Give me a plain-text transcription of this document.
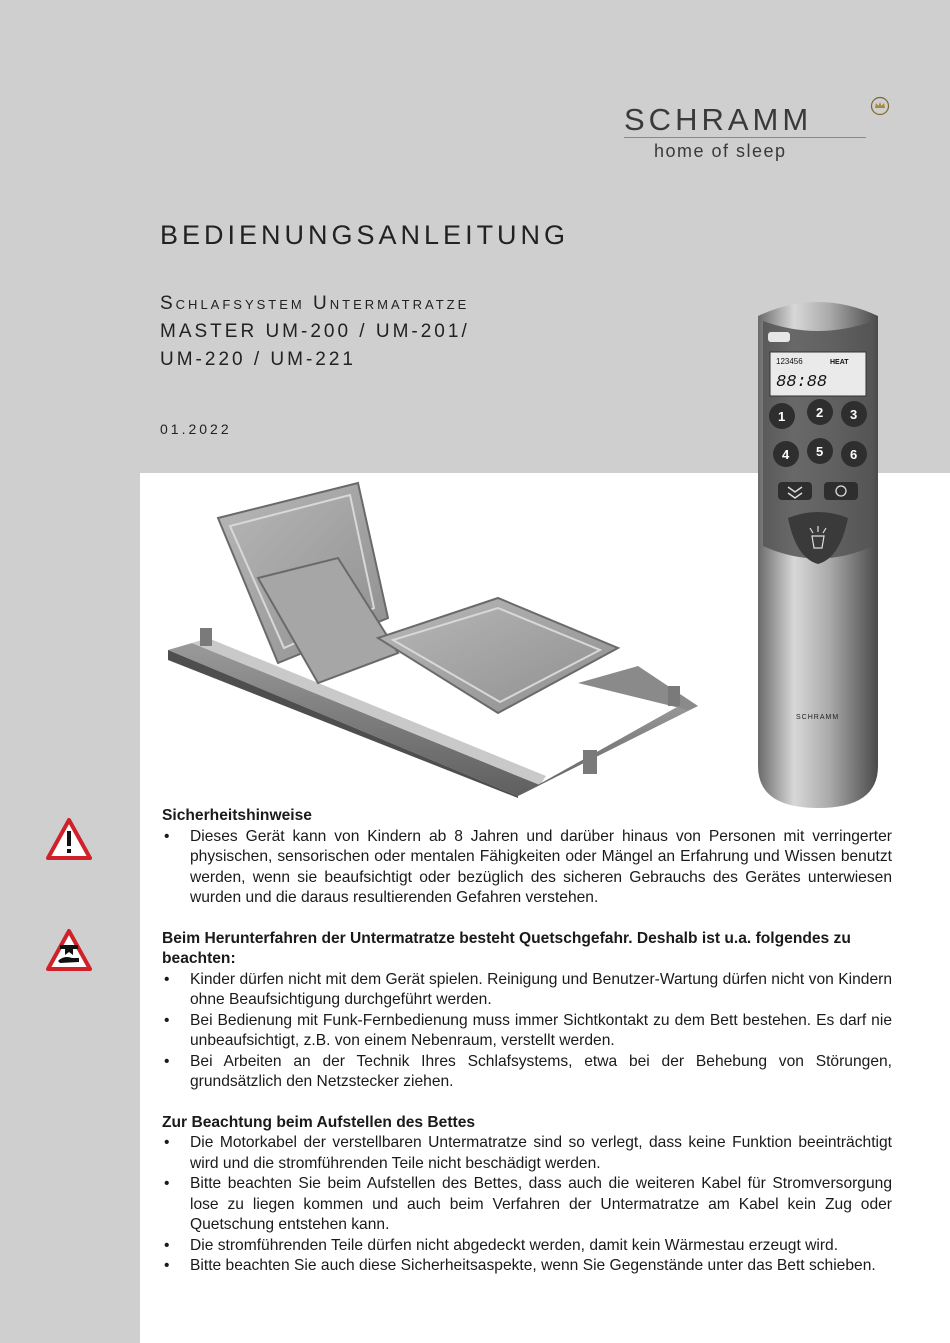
SCHRAMM
home of sleep
BEDIENUNGSANLEITUNG
Schlafsystem Untermatratze
MASTER UM-200 / UM-201/
UM-220 / UM-221
01.2022
123456	HEAT
88:88
1 2 3
4 5 6
SCHRAMM

Sicherheitshinweise

• Dieses Gerät kann von Kindern ab 8 Jahren und darüber hinaus von Personen mit verringerter physischen, sensorischen oder mentalen Fähigkeiten oder Mängel an Erfahrung und Wissen benutzt werden, wenn sie beaufsichtigt oder bezüglich des sicheren Gebrauchs des Gerätes unterwiesen wurden und die daraus resultierenden Gefahren verstehen.

Beim Herunterfahren der Untermatratze besteht Quetschgefahr. Deshalb ist u.a. folgendes zu beachten:

• Kinder dürfen nicht mit dem Gerät spielen. Reinigung und Benutzer-Wartung dürfen nicht von Kindern ohne Beaufsichtigung durchgeführt werden.
• Bei Bedienung mit Funk-Fernbedienung muss immer Sichtkontakt zu dem Bett bestehen. Es darf nie unbeaufsichtigt, z.B. von einem Nebenraum, verstellt werden.
• Bei Arbeiten an der Technik Ihres Schlafsystems, etwa bei der Behebung von Störungen, grundsätzlich den Netzstecker ziehen.

Zur Beachtung beim Aufstellen des Bettes

• Die Motorkabel der verstellbaren Untermatratze sind so verlegt, dass keine Funktion beeinträchtigt wird und die stromführenden Teile nicht beschädigt werden.
• Bitte beachten Sie beim Aufstellen des Bettes, dass auch die weiteren Kabel für Stromversorgung lose zu liegen kommen und auch beim Verfahren der Untermatratze am Kabel kein Zug oder Quetschung entstehen kann.
• Die stromführenden Teile dürfen nicht abgedeckt werden, damit kein Wärmestau erzeugt wird.
• Bitte beachten Sie auch diese Sicherheitsaspekte, wenn Sie Gegenstände unter das Bett schieben.
